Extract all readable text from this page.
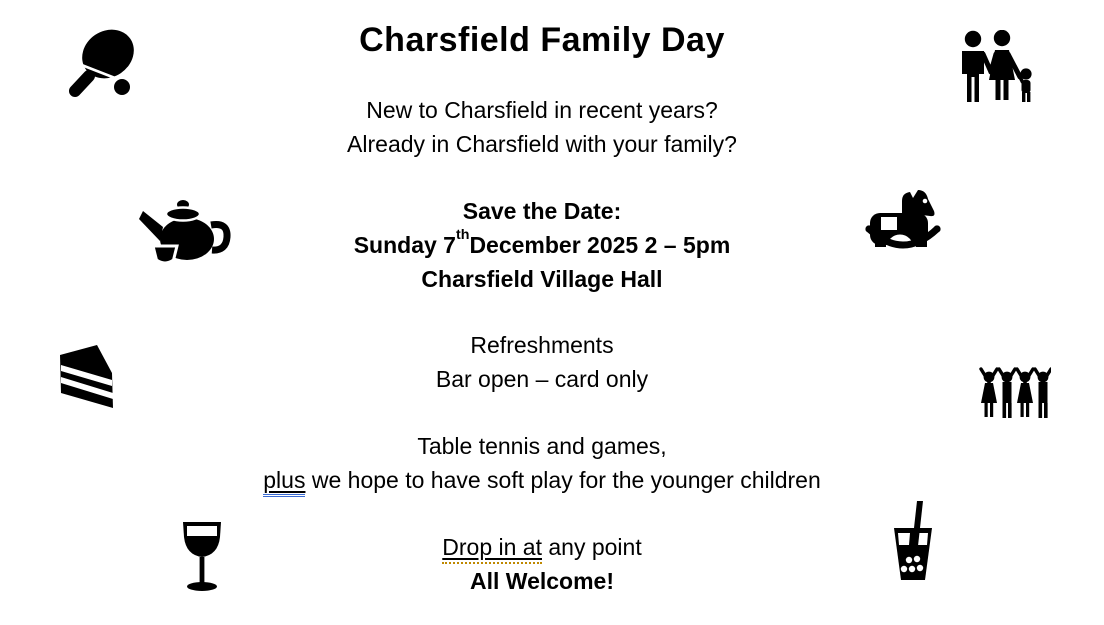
Charsfield Family Day
New to Charsfield in recent years?
Already in Charsfield with your family?
Save the Date:
Sunday 7thDecember 2025 2 – 5pm
Charsfield Village Hall
Refreshments
Bar open – card only
Table tennis and games,
plus we hope to have soft play for the younger children
Drop in at any point
All Welcome!
